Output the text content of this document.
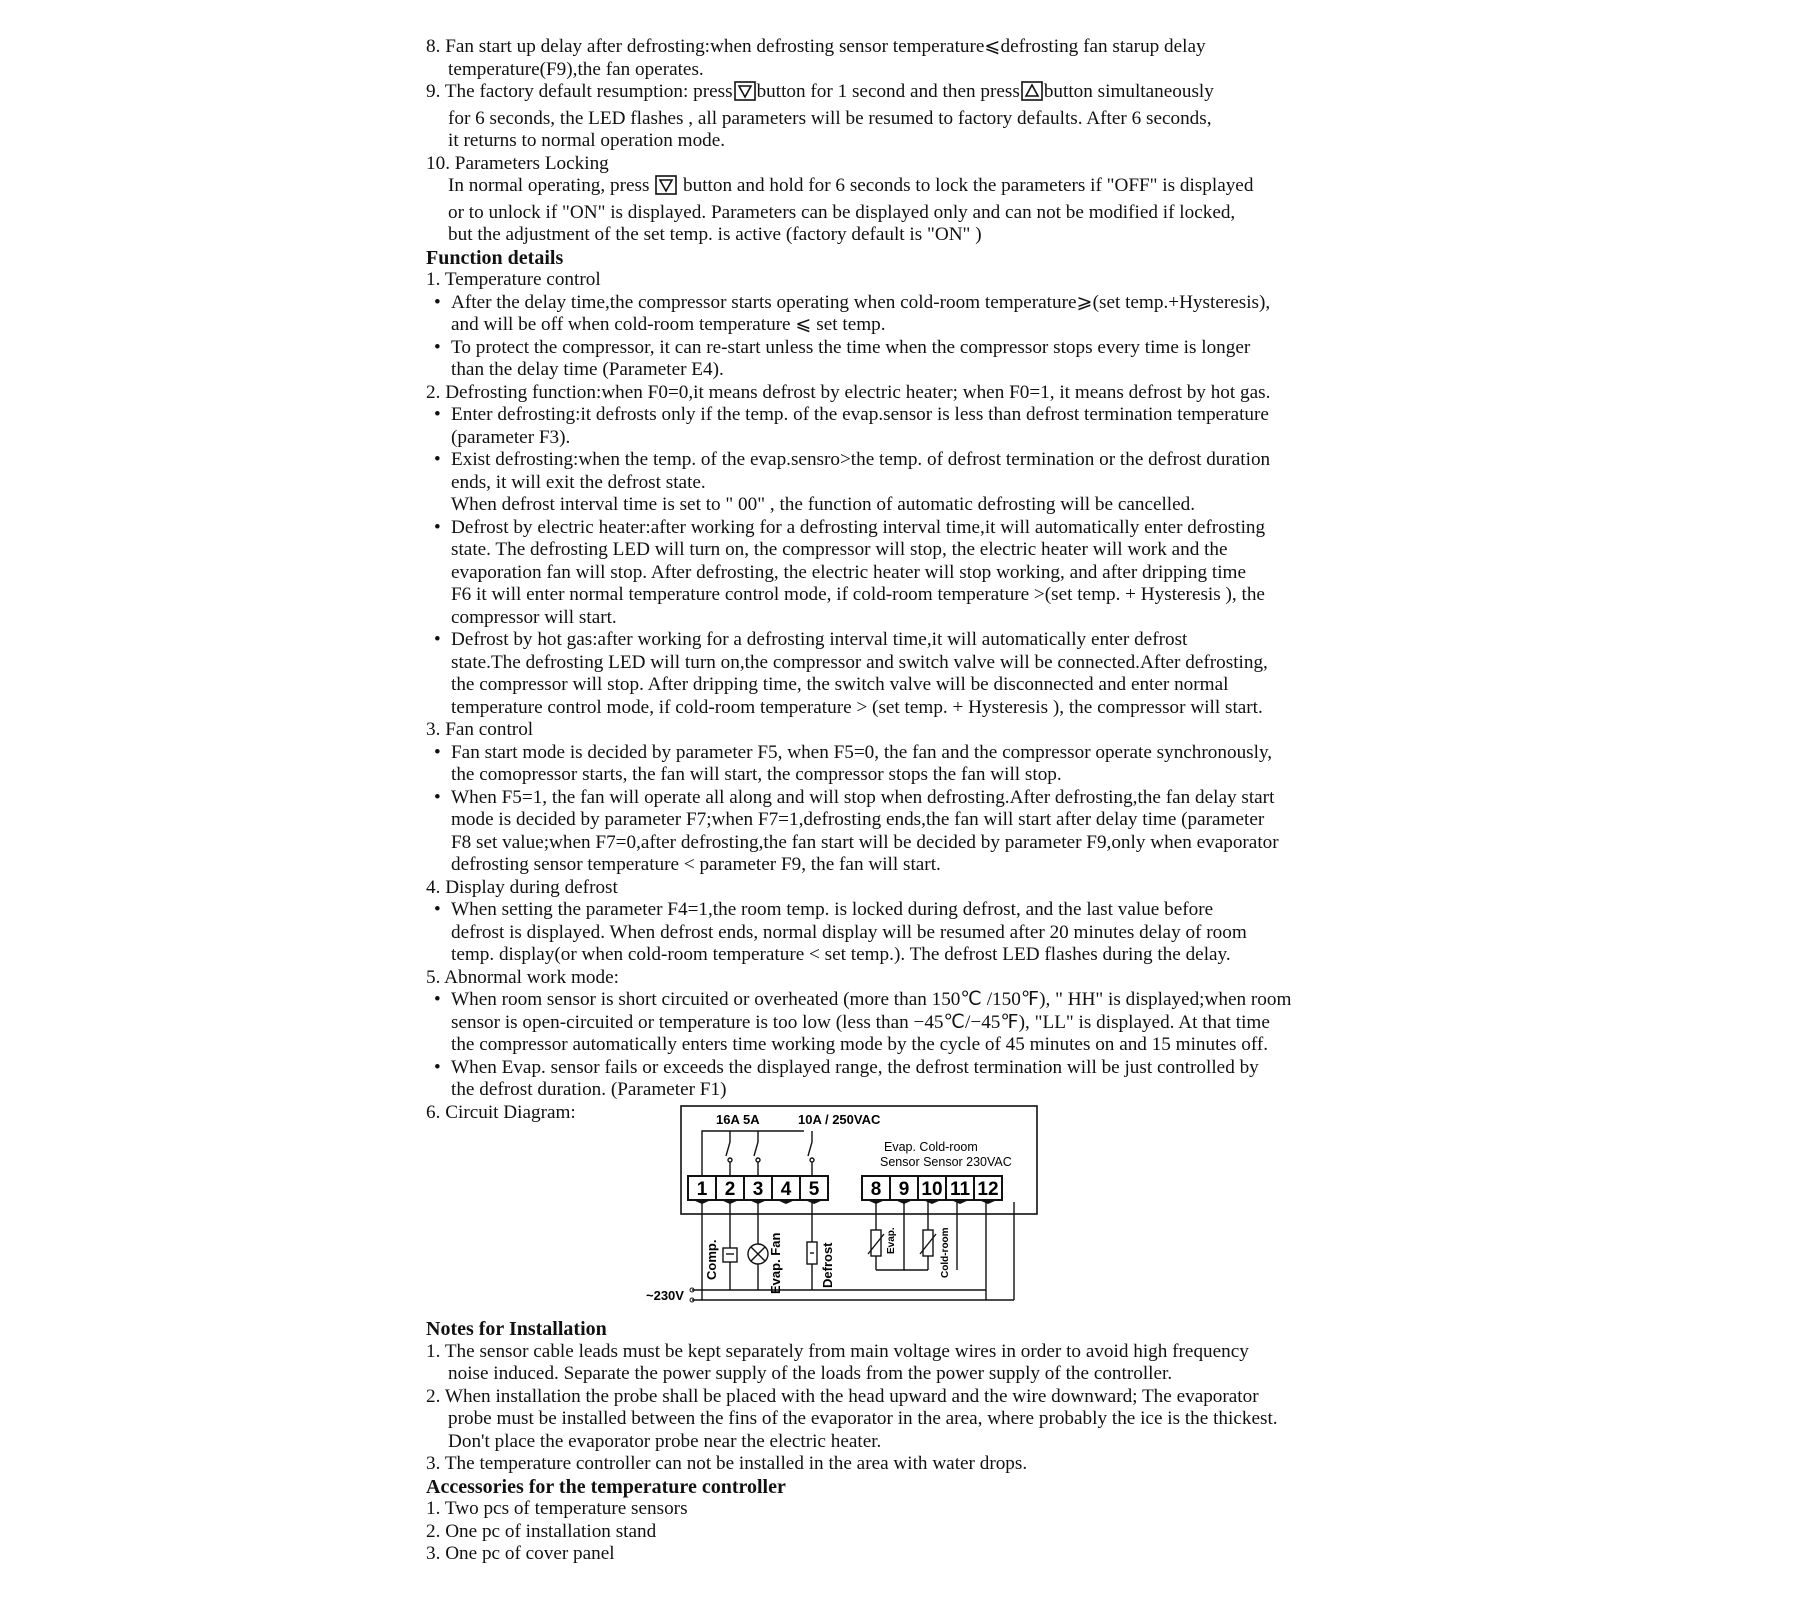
8. Fan start up delay after defrosting:when defrosting sensor temperature⩽defrosting fan starup delay
temperature(F9),the fan operates.
9. The factory default resumption: press button for 1 second and then press button simultaneously
for 6 seconds, the LED flashes , all parameters will be resumed to factory defaults. After 6 seconds,
it returns to normal operation mode.
10. Parameters Locking
In normal operating, press button and hold for 6 seconds to lock the parameters if "OFF" is displayed
or to unlock if "ON" is displayed. Parameters can be displayed only and can not be modified if locked,
but the adjustment of the set temp. is active (factory default is "ON" )
Function details
1. Temperature control
• After the delay time,the compressor starts operating when cold-room temperature⩾(set temp.+Hysteresis),
and will be off when cold-room temperature ⩽ set temp.
• To protect the compressor, it can re-start unless the time when the compressor stops every time is longer
than the delay time (Parameter E4).
2. Defrosting function:when F0=0,it means defrost by electric heater; when F0=1, it means defrost by hot gas.
• Enter defrosting:it defrosts only if the temp. of the evap.sensor is less than defrost termination temperature
(parameter F3).
• Exist defrosting:when the temp. of the evap.sensro>the temp. of defrost termination or the defrost duration
ends, it will exit the defrost state.
When defrost interval time is set to " 00" , the function of automatic defrosting will be cancelled.
• Defrost by electric heater:after working for a defrosting interval time,it will automatically enter defrosting
state. The defrosting LED will turn on, the compressor will stop, the electric heater will work and the
evaporation fan will stop. After defrosting, the electric heater will stop working, and after dripping time
F6 it will enter normal temperature control mode, if cold-room temperature >(set temp. + Hysteresis ), the
compressor will start.
• Defrost by hot gas:after working for a defrosting interval time,it will automatically enter defrost
state.The defrosting LED will turn on,the compressor and switch valve will be connected.After defrosting,
the compressor will stop. After dripping time, the switch valve will be disconnected and enter normal
temperature control mode, if cold-room temperature > (set temp. + Hysteresis ), the compressor will start.
3. Fan control
• Fan start mode is decided by parameter F5, when F5=0, the fan and the compressor operate synchronously,
the comopressor starts, the fan will start, the compressor stops the fan will stop.
• When F5=1, the fan will operate all along and will stop when defrosting.After defrosting,the fan delay start
mode is decided by parameter F7;when F7=1,defrosting ends,the fan will start after delay time (parameter
F8 set value;when F7=0,after defrosting,the fan start will be decided by parameter F9,only when evaporator
defrosting sensor temperature < parameter F9, the fan will start.
4. Display during defrost
• When setting the parameter F4=1,the room temp. is locked during defrost, and the last value before
defrost is displayed. When defrost ends, normal display will be resumed after 20 minutes delay of room
temp. display(or when cold-room temperature < set temp.). The defrost LED flashes during the delay.
5. Abnormal work mode:
• When room sensor is short circuited or overheated (more than 150℃ /150℉), " HH" is displayed;when room
sensor is open-circuited or temperature is too low (less than −45℃/−45℉), "LL" is displayed. At that time
the compressor automatically enters time working mode by the cycle of 45 minutes on and 15 minutes off.
• When Evap. sensor fails or exceeds the displayed range, the defrost termination will be just controlled by
the defrost duration. (Parameter F1)
6. Circuit Diagram:	16A 5A	10A / 250VAC
Evap. Cold-room
Sensor Sensor 230VAC
1 2 3 4 5	8 9 10 11 12
~230V
Comp.	Evap. Fan	Defrost
Evap.	Cold-room
Notes for Installation
1. The sensor cable leads must be kept separately from main voltage wires in order to avoid high frequency
noise induced. Separate the power supply of the loads from the power supply of the controller.
2. When installation the probe shall be placed with the head upward and the wire downward; The evaporator
probe must be installed between the fins of the evaporator in the area, where probably the ice is the thickest.
Don't place the evaporator probe near the electric heater.
3. The temperature controller can not be installed in the area with water drops.
Accessories for the temperature controller
1. Two pcs of temperature sensors
2. One pc of installation stand
3. One pc of cover panel
